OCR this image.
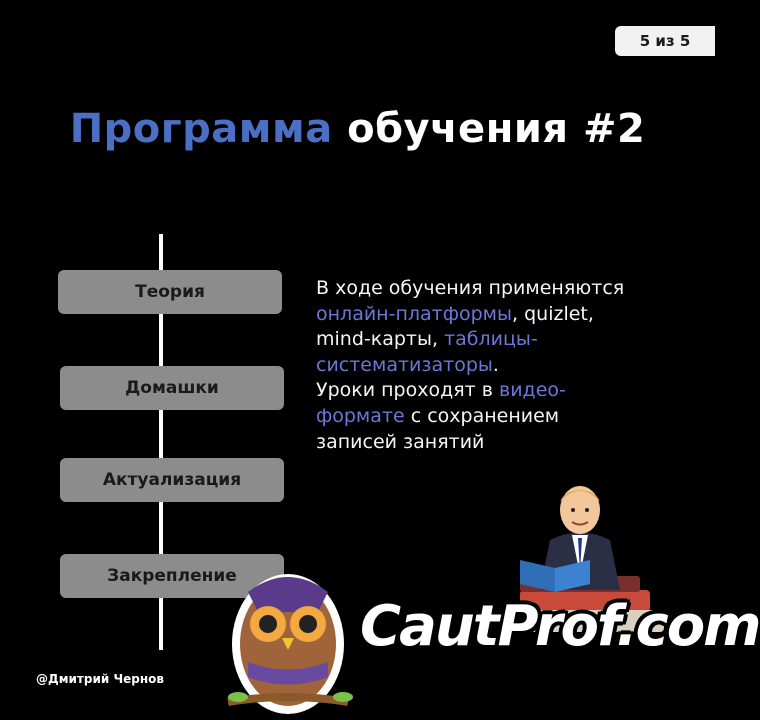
5 из 5
Программа обучения #2
Теория
Домашки
Актуализация
Закрепление
В ходе обучения применяются онлайн-платформы, quizlet, mind-карты, таблицы-систематизаторы.
Уроки проходят в видео-формате с сохранением записей занятий
CautProf.com
@Дмитрий Чернов
